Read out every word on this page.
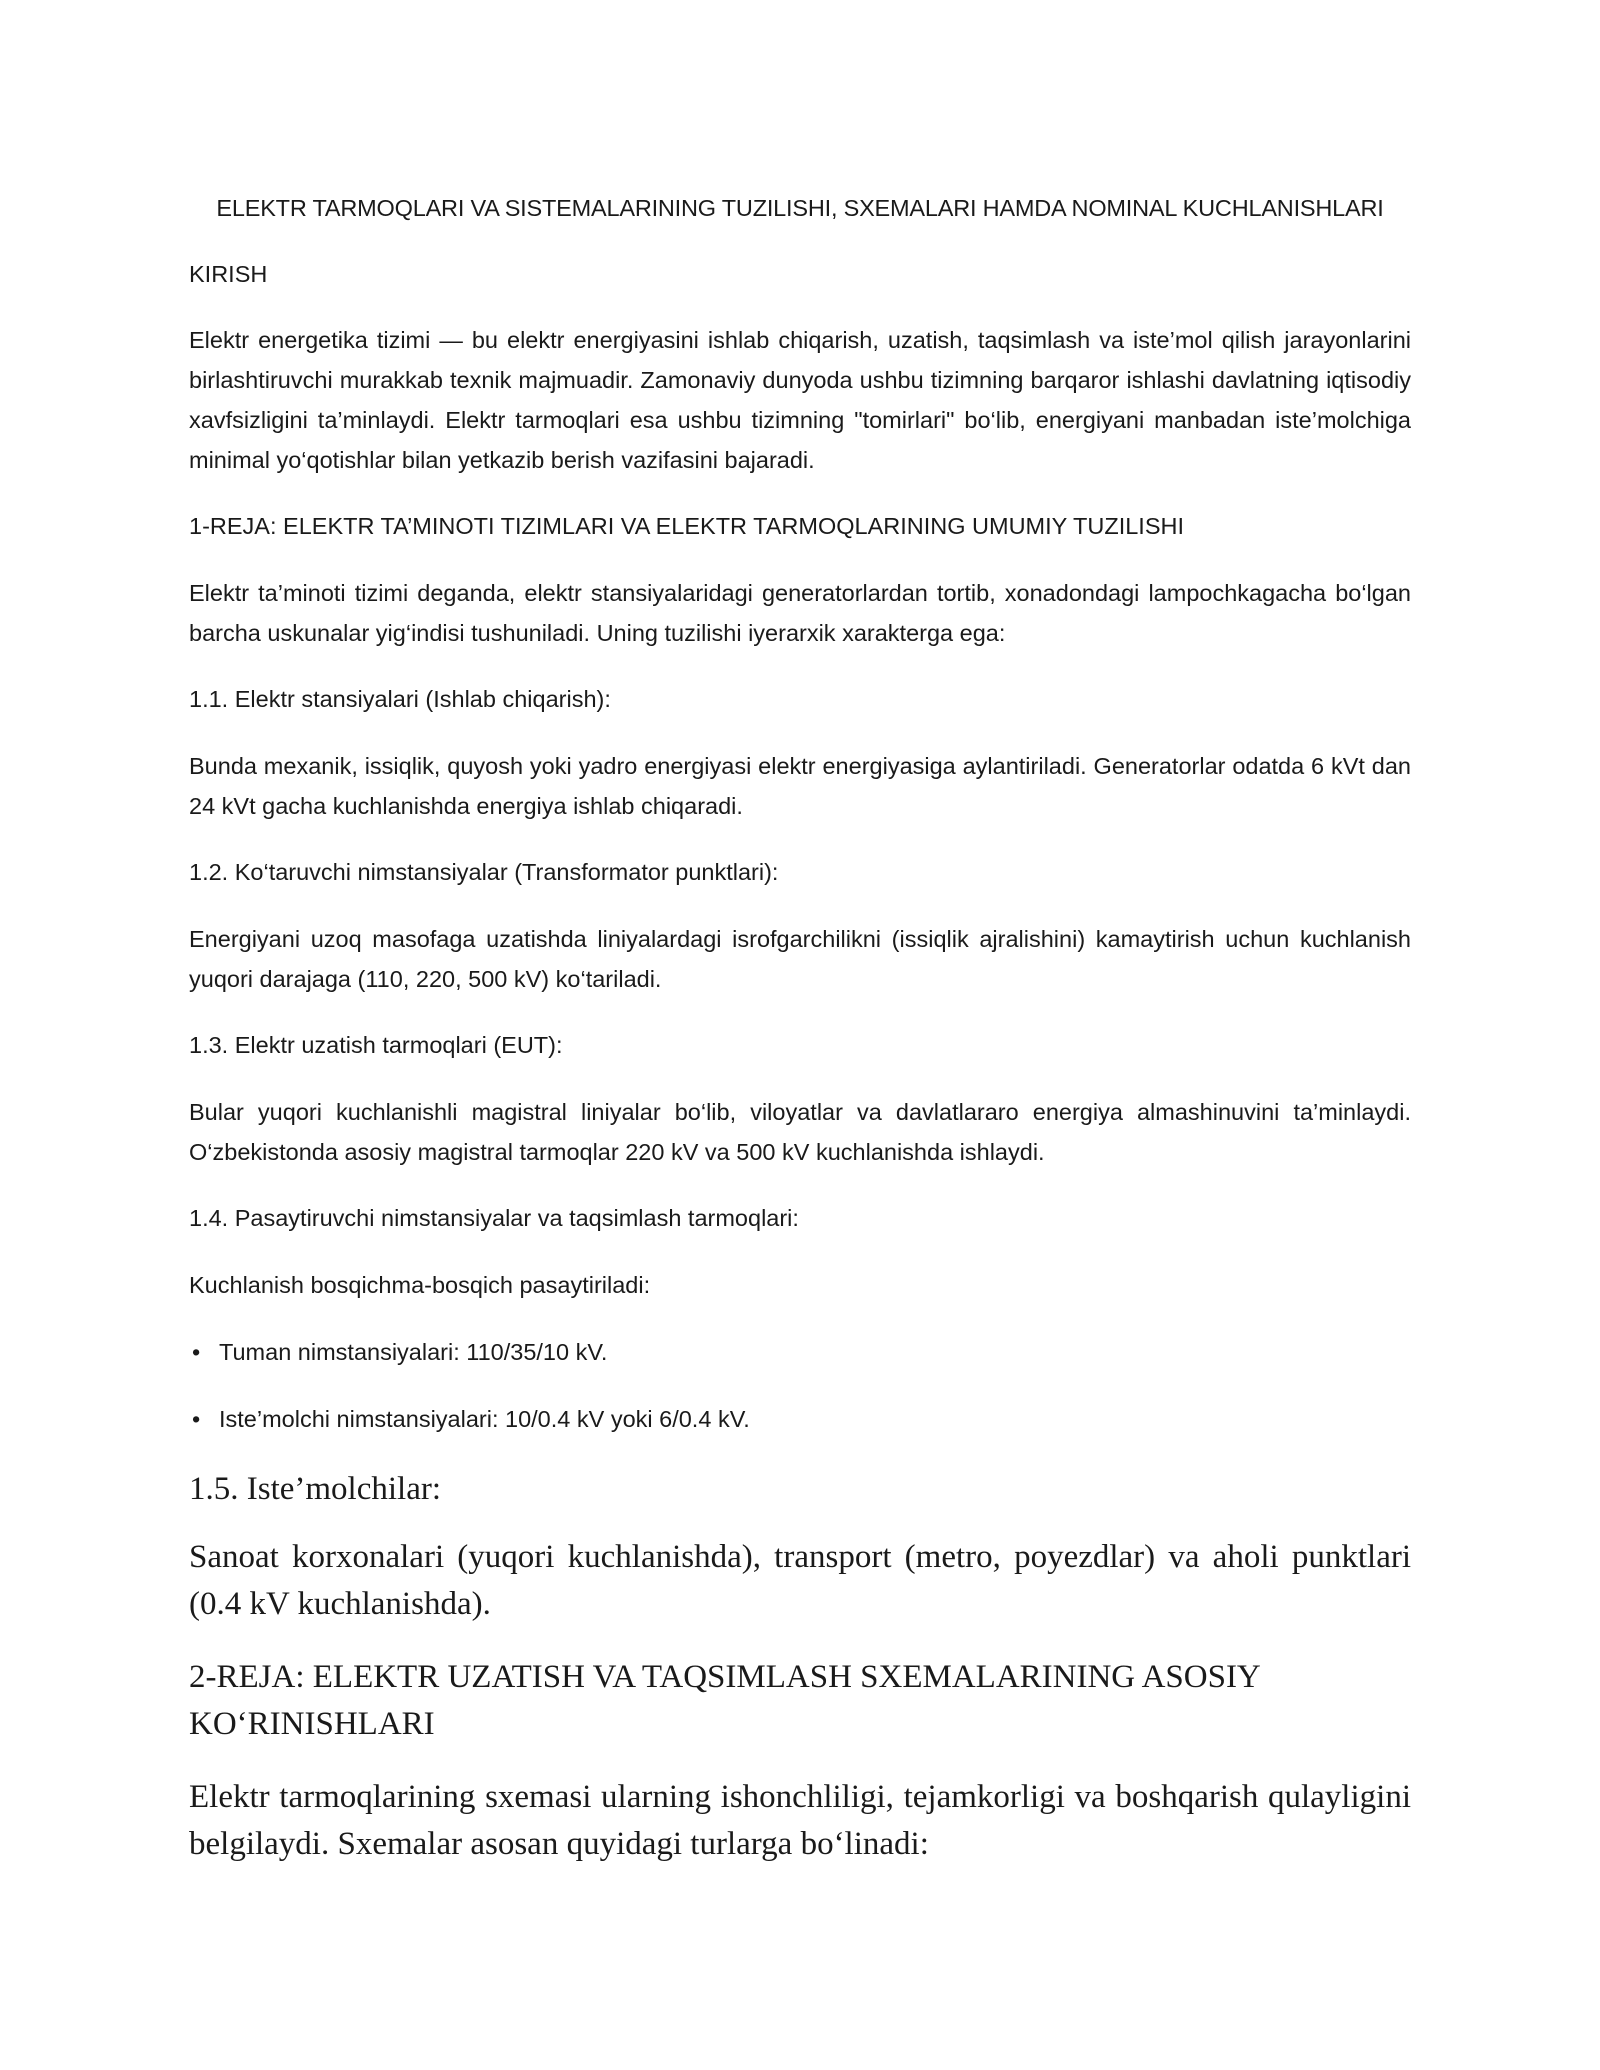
ELEKTR TARMOQLARI VA SISTEMALARINING TUZILISHI, SXEMALARI HAMDA NOMINAL KUCHLANISHLARI

KIRISH

Elektr energetika tizimi — bu elektr energiyasini ishlab chiqarish, uzatish, taqsimlash va iste’mol qilish jarayonlarini birlashtiruvchi murakkab texnik majmuadir. Zamonaviy dunyoda ushbu tizimning barqaror ishlashi davlatning iqtisodiy xavfsizligini ta’minlaydi. Elektr tarmoqlari esa ushbu tizimning "tomirlari" bo‘lib, energiyani manbadan iste’molchiga minimal yo‘qotishlar bilan yetkazib berish vazifasini bajaradi.

1-REJA: ELEKTR TA’MINOTI TIZIMLARI VA ELEKTR TARMOQLARINING UMUMIY TUZILISHI

Elektr ta’minoti tizimi deganda, elektr stansiyalaridagi generatorlardan tortib, xonadondagi lampochkagacha bo‘lgan barcha uskunalar yig‘indisi tushuniladi. Uning tuzilishi iyerarxik xarakterga ega:

1.1. Elektr stansiyalari (Ishlab chiqarish):

Bunda mexanik, issiqlik, quyosh yoki yadro energiyasi elektr energiyasiga aylantiriladi. Generatorlar odatda 6 kVt dan 24 kVt gacha kuchlanishda energiya ishlab chiqaradi.

1.2. Ko‘taruvchi nimstansiyalar (Transformator punktlari):

Energiyani uzoq masofaga uzatishda liniyalardagi isrofgarchilikni (issiqlik ajralishini) kamaytirish uchun kuchlanish yuqori darajaga (110, 220, 500 kV) ko‘tariladi.

1.3. Elektr uzatish tarmoqlari (EUT):

Bular yuqori kuchlanishli magistral liniyalar bo‘lib, viloyatlar va davlatlararo energiya almashinuvini ta’minlaydi. O‘zbekistonda asosiy magistral tarmoqlar 220 kV va 500 kV kuchlanishda ishlaydi.

1.4. Pasaytiruvchi nimstansiyalar va taqsimlash tarmoqlari:

Kuchlanish bosqichma-bosqich pasaytiriladi:

• Tuman nimstansiyalari: 110/35/10 kV.
• Iste’molchi nimstansiyalari: 10/0.4 kV yoki 6/0.4 kV.

1.5. Iste’molchilar:

Sanoat korxonalari (yuqori kuchlanishda), transport (metro, poyezdlar) va aholi punktlari (0.4 kV kuchlanishda).

2-REJA: ELEKTR UZATISH VA TAQSIMLASH SXEMALARINING ASOSIY KO‘RINISHLARI

Elektr tarmoqlarining sxemasi ularning ishonchliligi, tejamkorligi va boshqarish qulayligini belgilaydi. Sxemalar asosan quyidagi turlarga bo‘linadi:
